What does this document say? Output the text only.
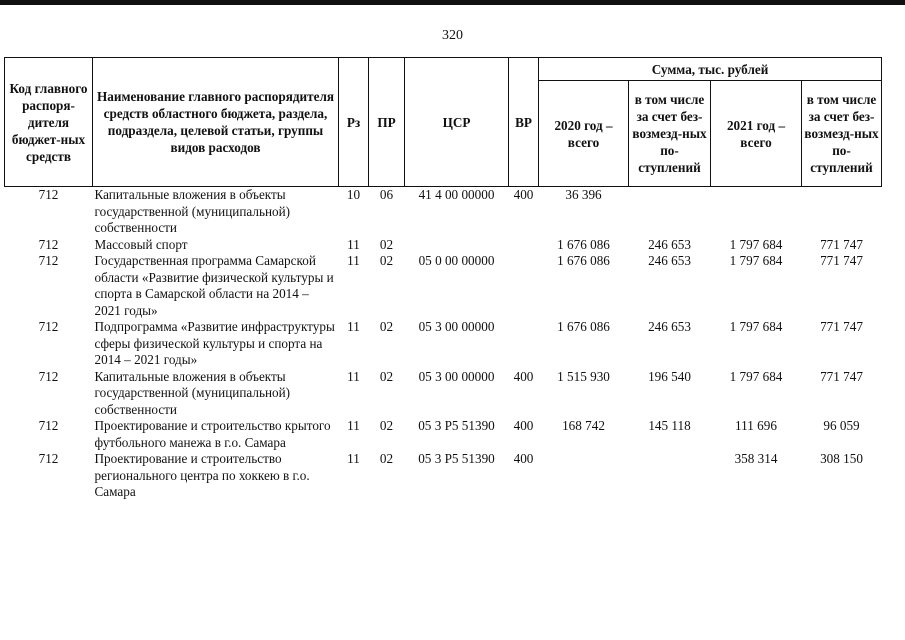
320
Код главного распоря-дителя бюджет-ных средств	Наименование главного распорядителя средств областного бюджета, раздела, подраздела, целевой статьи, группы видов расходов	Рз	ПР	ЦСР	ВР	Сумма, тыс. рублей			
						2020 год – всего	в том числе за счет без-возмезд-ных по-ступлений	2021 год – всего	в том числе за счет без-возмезд-ных по-ступлений
712	Капитальные вложения в объекты государственной (муниципальной) собственности	10	06	41 4 00 00000	400	36 396			
712	Массовый спорт	11	02			1 676 086	246 653	1 797 684	771 747
712	Государственная программа Самарской области «Развитие физической культуры и спорта в Самарской области на 2014 – 2021 годы»	11	02	05 0 00 00000		1 676 086	246 653	1 797 684	771 747
712	Подпрограмма «Развитие инфраструктуры сферы физической культуры и спорта на 2014 – 2021 годы»	11	02	05 3 00 00000		1 676 086	246 653	1 797 684	771 747
712	Капитальные вложения в объекты государственной (муниципальной) собственности	11	02	05 3 00 00000	400	1 515 930	196 540	1 797 684	771 747
712	Проектирование и строительство крытого футбольного манежа в г.о. Самара	11	02	05 3 P5 51390	400	168 742	145 118	111 696	96 059
712	Проектирование и строительство регионального центра по хоккею в г.о. Самара	11	02	05 3 P5 51390	400			358 314	308 150
